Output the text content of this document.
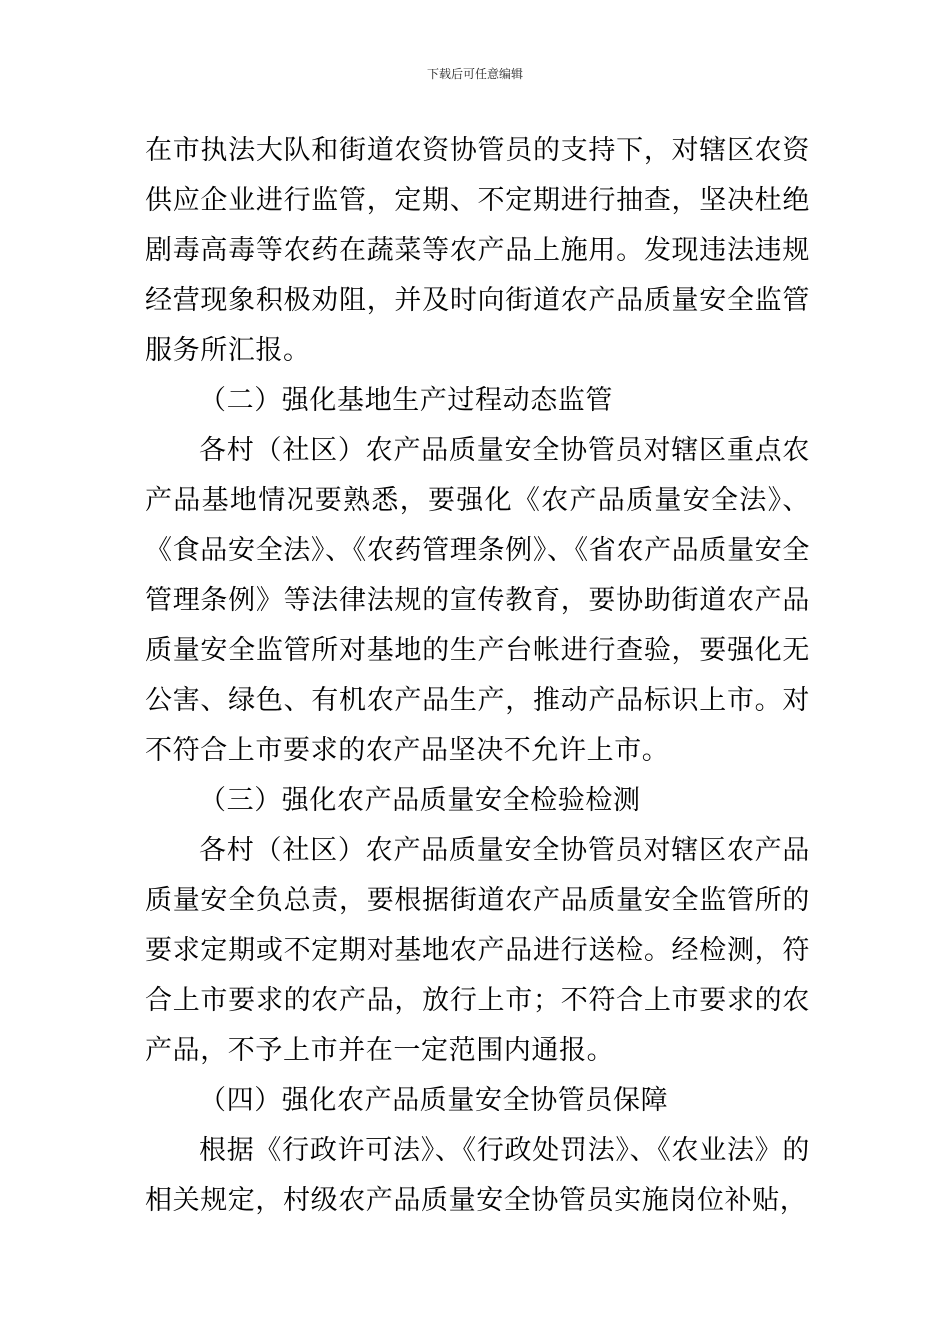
下载后可任意编辑

在市执法大队和街道农资协管员的支持下，对辖区农资供应企业进行监管，定期、不定期进行抽查，坚决杜绝剧毒高毒等农药在蔬菜等农产品上施用。发现违法违规经营现象积极劝阻，并及时向街道农产品质量安全监管服务所汇报。

（二）强化基地生产过程动态监管

各村（社区）农产品质量安全协管员对辖区重点农产品基地情况要熟悉，要强化《农产品质量安全法》、《食品安全法》、《农药管理条例》、《省农产品质量安全管理条例》等法律法规的宣传教育，要协助街道农产品质量安全监管所对基地的生产台帐进行查验，要强化无公害、绿色、有机农产品生产，推动产品标识上市。对不符合上市要求的农产品坚决不允许上市。

（三）强化农产品质量安全检验检测

各村（社区）农产品质量安全协管员对辖区农产品质量安全负总责，要根据街道农产品质量安全监管所的要求定期或不定期对基地农产品进行送检。经检测，符合上市要求的农产品，放行上市；不符合上市要求的农产品，不予上市并在一定范围内通报。

（四）强化农产品质量安全协管员保障

根据《行政许可法》、《行政处罚法》、《农业法》的相关规定，村级农产品质量安全协管员实施岗位补贴，
